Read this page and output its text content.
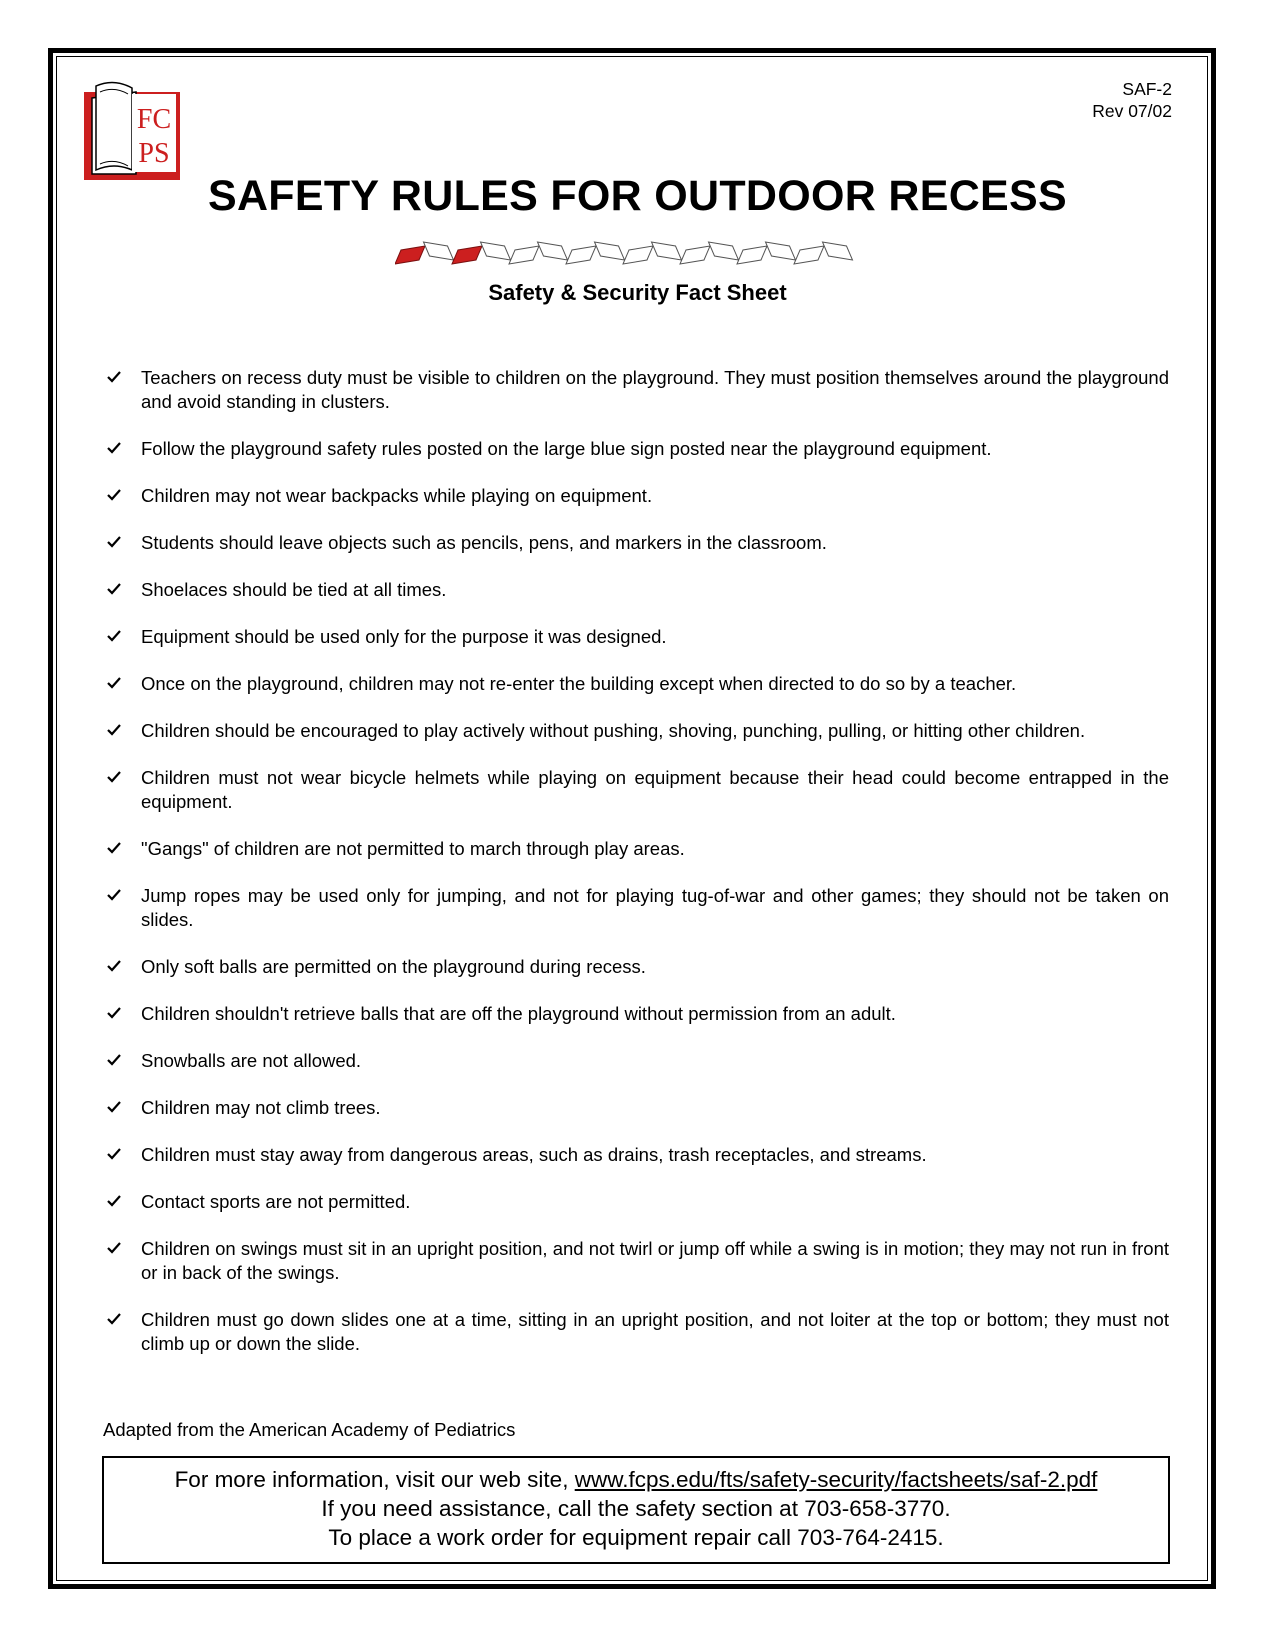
FC
PS
SAF-2
Rev 07/02
SAFETY RULES FOR OUTDOOR RECESS
Safety & Security Fact Sheet
Teachers on recess duty must be visible to children on the playground. They must position themselves around the playground and avoid standing in clusters.
Follow the playground safety rules posted on the large blue sign posted near the playground equipment.
Children may not wear backpacks while playing on equipment.
Students should leave objects such as pencils, pens, and markers in the classroom.
Shoelaces should be tied at all times.
Equipment should be used only for the purpose it was designed.
Once on the playground, children may not re-enter the building except when directed to do so by a teacher.
Children should be encouraged to play actively without pushing, shoving, punching, pulling, or hitting other children.
Children must not wear bicycle helmets while playing on equipment because their head could become entrapped in the equipment.
"Gangs" of children are not permitted to march through play areas.
Jump ropes may be used only for jumping, and not for playing tug-of-war and other games; they should not be taken on slides.
Only soft balls are permitted on the playground during recess.
Children shouldn't retrieve balls that are off the playground without permission from an adult.
Snowballs are not allowed.
Children may not climb trees.
Children must stay away from dangerous areas, such as drains, trash receptacles, and streams.
Contact sports are not permitted.
Children on swings must sit in an upright position, and not twirl or jump off while a swing is in motion; they may not run in front or in back of the swings.
Children must go down slides one at a time, sitting in an upright position, and not loiter at the top or bottom; they must not climb up or down the slide.
Adapted from the American Academy of Pediatrics
For more information, visit our web site, www.fcps.edu/fts/safety-security/factsheets/saf-2.pdf
If you need assistance, call the safety section at 703-658-3770.
To place a work order for equipment repair call 703-764-2415.
